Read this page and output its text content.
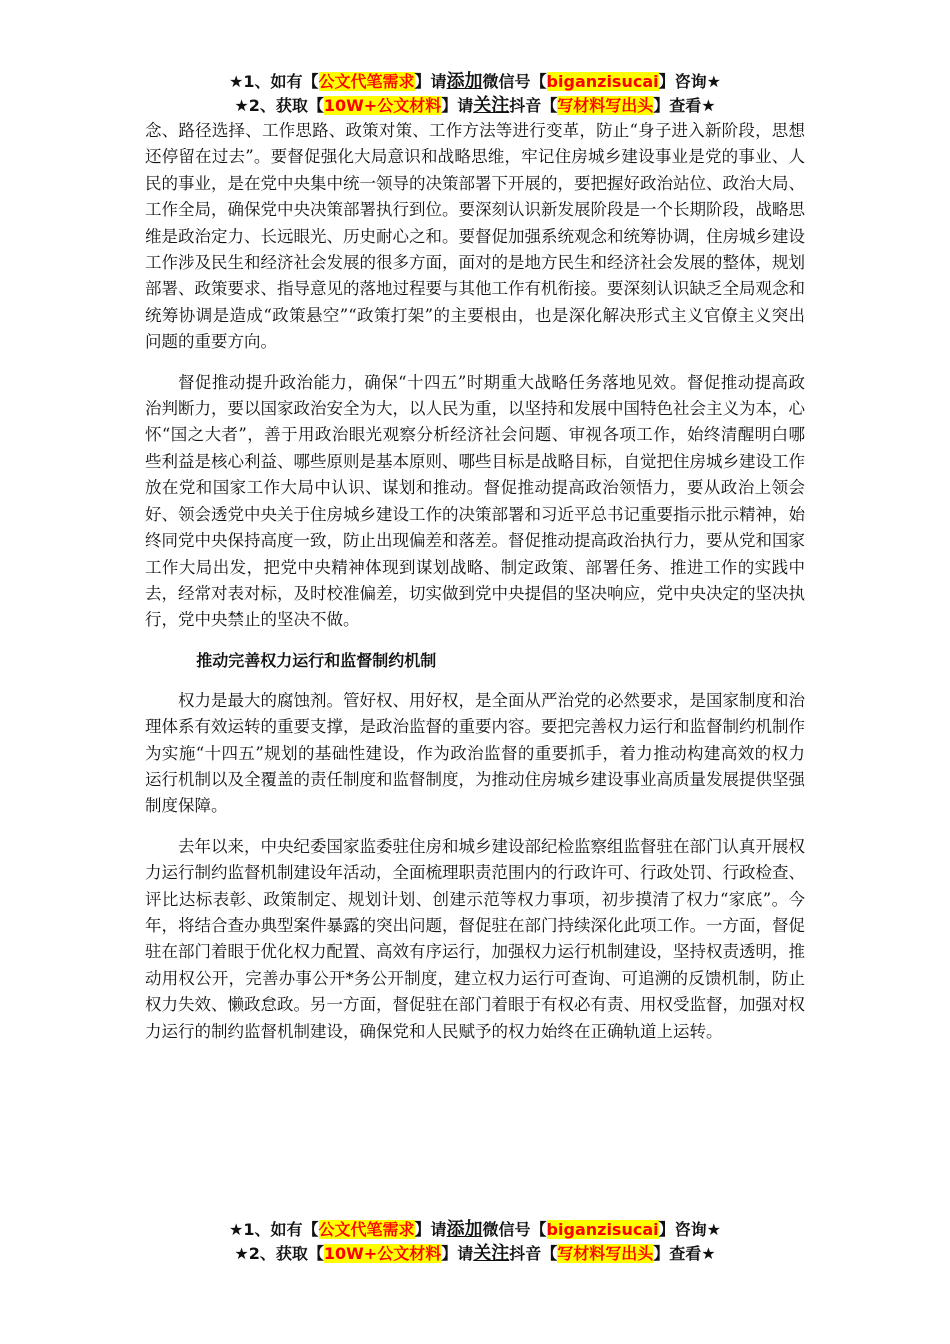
★1、如有【公文代笔需求】请添加微信号【biganzisucai】咨询★
★2、获取【10W+公文材料】请关注抖音【写材料写出头】查看★

念、路径选择、工作思路、政策对策、工作方法等进行变革，防止“身子进入新阶段，思想还停留在过去”。要督促强化大局意识和战略思维，牢记住房城乡建设事业是党的事业、人民的事业，是在党中央集中统一领导的决策部署下开展的，要把握好政治站位、政治大局、工作全局，确保党中央决策部署执行到位。要深刻认识新发展阶段是一个长期阶段，战略思维是政治定力、长远眼光、历史耐心之和。要督促加强系统观念和统筹协调，住房城乡建设工作涉及民生和经济社会发展的很多方面，面对的是地方民生和经济社会发展的整体，规划部署、政策要求、指导意见的落地过程要与其他工作有机衔接。要深刻认识缺乏全局观念和统筹协调是造成“政策悬空”“政策打架”的主要根由，也是深化解决形式主义官僚主义突出问题的重要方向。

督促推动提升政治能力，确保“十四五”时期重大战略任务落地见效。督促推动提高政治判断力，要以国家政治安全为大，以人民为重，以坚持和发展中国特色社会主义为本，心怀“国之大者”，善于用政治眼光观察分析经济社会问题、审视各项工作，始终清醒明白哪些利益是核心利益、哪些原则是基本原则、哪些目标是战略目标，自觉把住房城乡建设工作放在党和国家工作大局中认识、谋划和推动。督促推动提高政治领悟力，要从政治上领会好、领会透党中央关于住房城乡建设工作的决策部署和习近平总书记重要指示批示精神，始终同党中央保持高度一致，防止出现偏差和落差。督促推动提高政治执行力，要从党和国家工作大局出发，把党中央精神体现到谋划战略、制定政策、部署任务、推进工作的实践中去，经常对表对标，及时校准偏差，切实做到党中央提倡的坚决响应，党中央决定的坚决执行，党中央禁止的坚决不做。

推动完善权力运行和监督制约机制

权力是最大的腐蚀剂。管好权、用好权，是全面从严治党的必然要求，是国家制度和治理体系有效运转的重要支撑，是政治监督的重要内容。要把完善权力运行和监督制约机制作为实施“十四五”规划的基础性建设，作为政治监督的重要抓手，着力推动构建高效的权力运行机制以及全覆盖的责任制度和监督制度，为推动住房城乡建设事业高质量发展提供坚强制度保障。

去年以来，中央纪委国家监委驻住房和城乡建设部纪检监察组监督驻在部门认真开展权力运行制约监督机制建设年活动，全面梳理职责范围内的行政许可、行政处罚、行政检查、评比达标表彰、政策制定、规划计划、创建示范等权力事项，初步摸清了权力“家底”。今年，将结合查办典型案件暴露的突出问题，督促驻在部门持续深化此项工作。一方面，督促驻在部门着眼于优化权力配置、高效有序运行，加强权力运行机制建设，坚持权责透明，推动用权公开，完善办事公开*务公开制度，建立权力运行可查询、可追溯的反馈机制，防止权力失效、懒政怠政。另一方面，督促驻在部门着眼于有权必有责、用权受监督，加强对权力运行的制约监督机制建设，确保党和人民赋予的权力始终在正确轨道上运转。

★1、如有【公文代笔需求】请添加微信号【biganzisucai】咨询★
★2、获取【10W+公文材料】请关注抖音【写材料写出头】查看★
